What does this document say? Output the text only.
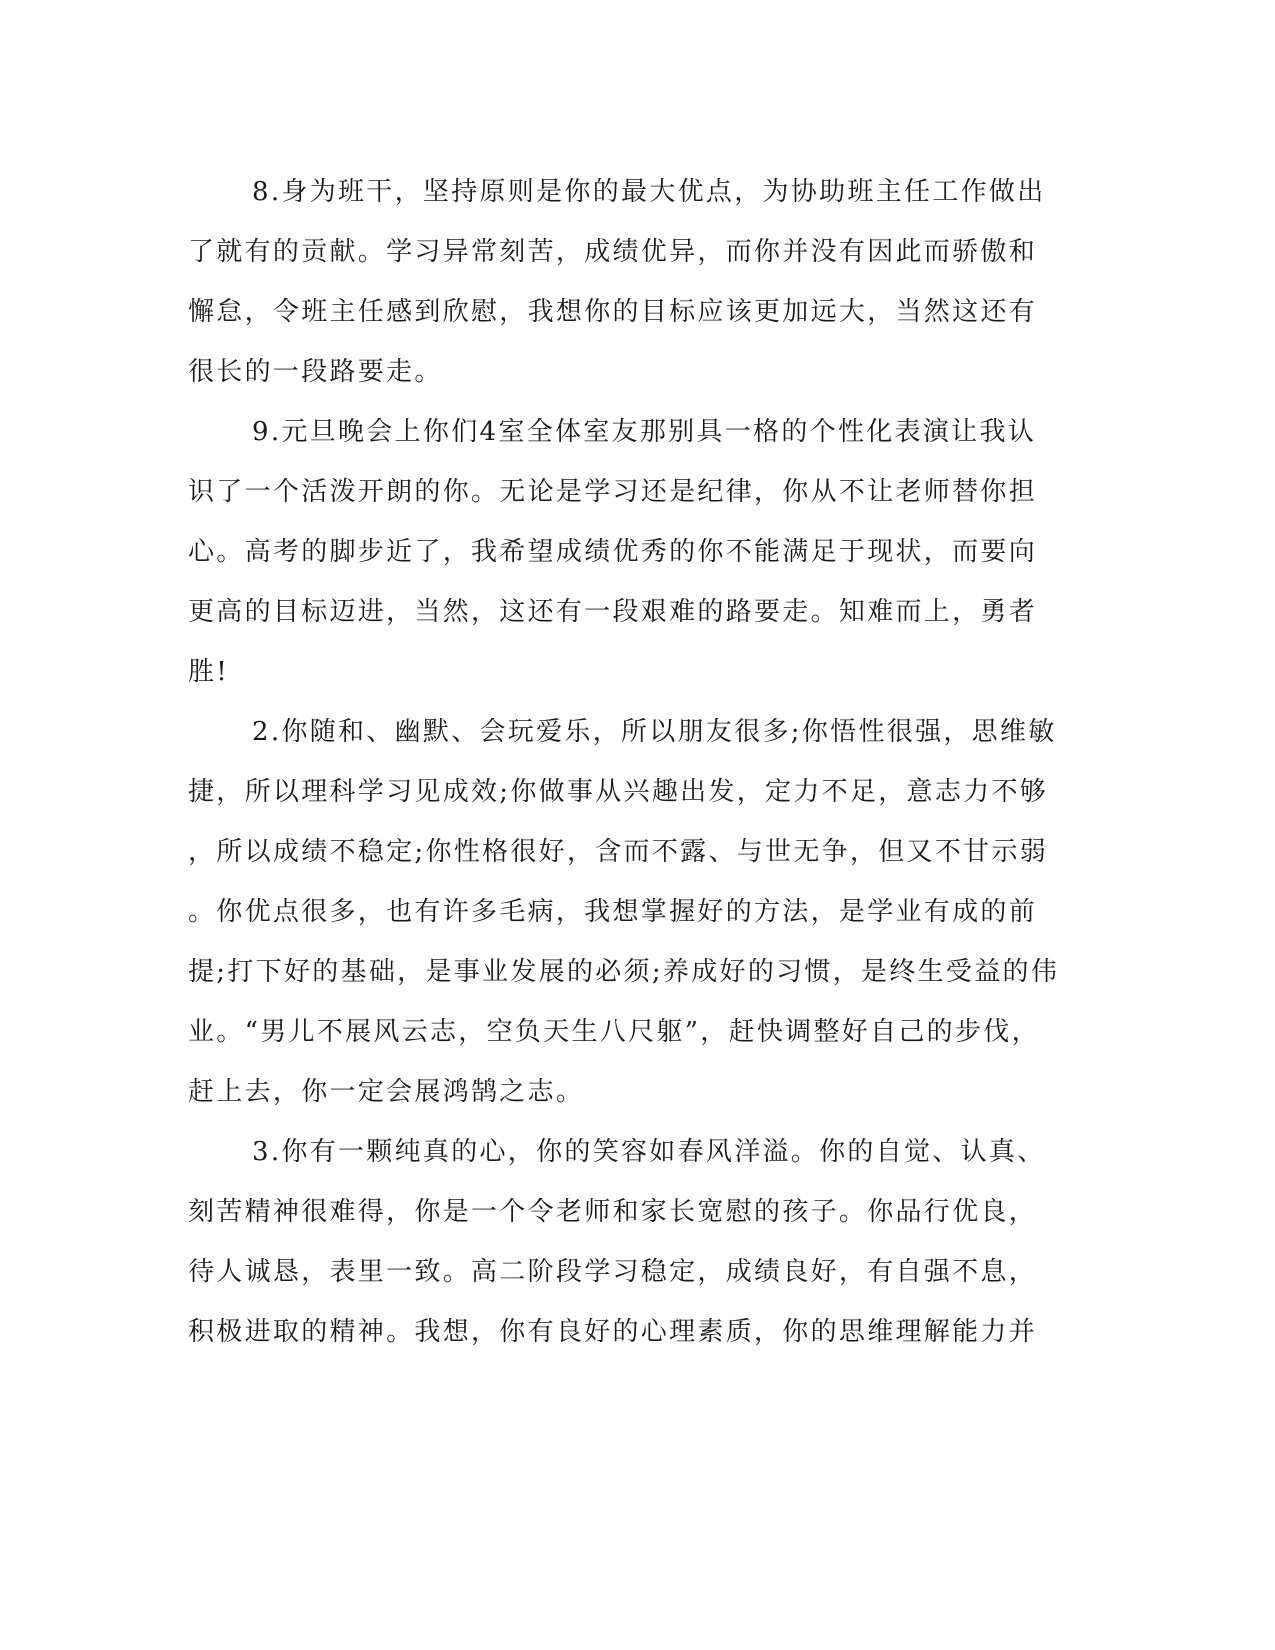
8.身为班干，坚持原则是你的最大优点，为协助班主任工作做出
了就有的贡献。学习异常刻苦，成绩优异，而你并没有因此而骄傲和
懈怠，令班主任感到欣慰，我想你的目标应该更加远大，当然这还有
很长的一段路要走。
9.元旦晚会上你们4室全体室友那别具一格的个性化表演让我认
识了一个活泼开朗的你。无论是学习还是纪律，你从不让老师替你担
心。高考的脚步近了，我希望成绩优秀的你不能满足于现状，而要向
更高的目标迈进，当然，这还有一段艰难的路要走。知难而上，勇者
胜!
2.你随和、幽默、会玩爱乐，所以朋友很多;你悟性很强，思维敏
捷，所以理科学习见成效;你做事从兴趣出发，定力不足，意志力不够
，所以成绩不稳定;你性格很好，含而不露、与世无争，但又不甘示弱
。你优点很多，也有许多毛病，我想掌握好的方法，是学业有成的前
提;打下好的基础，是事业发展的必须;养成好的习惯，是终生受益的伟
业。“男儿不展风云志，空负天生八尺躯”，赶快调整好自己的步伐，
赶上去，你一定会展鸿鹄之志。
3.你有一颗纯真的心，你的笑容如春风洋溢。你的自觉、认真、
刻苦精神很难得，你是一个令老师和家长宽慰的孩子。你品行优良，
待人诚恳，表里一致。高二阶段学习稳定，成绩良好，有自强不息，
积极进取的精神。我想，你有良好的心理素质，你的思维理解能力并
